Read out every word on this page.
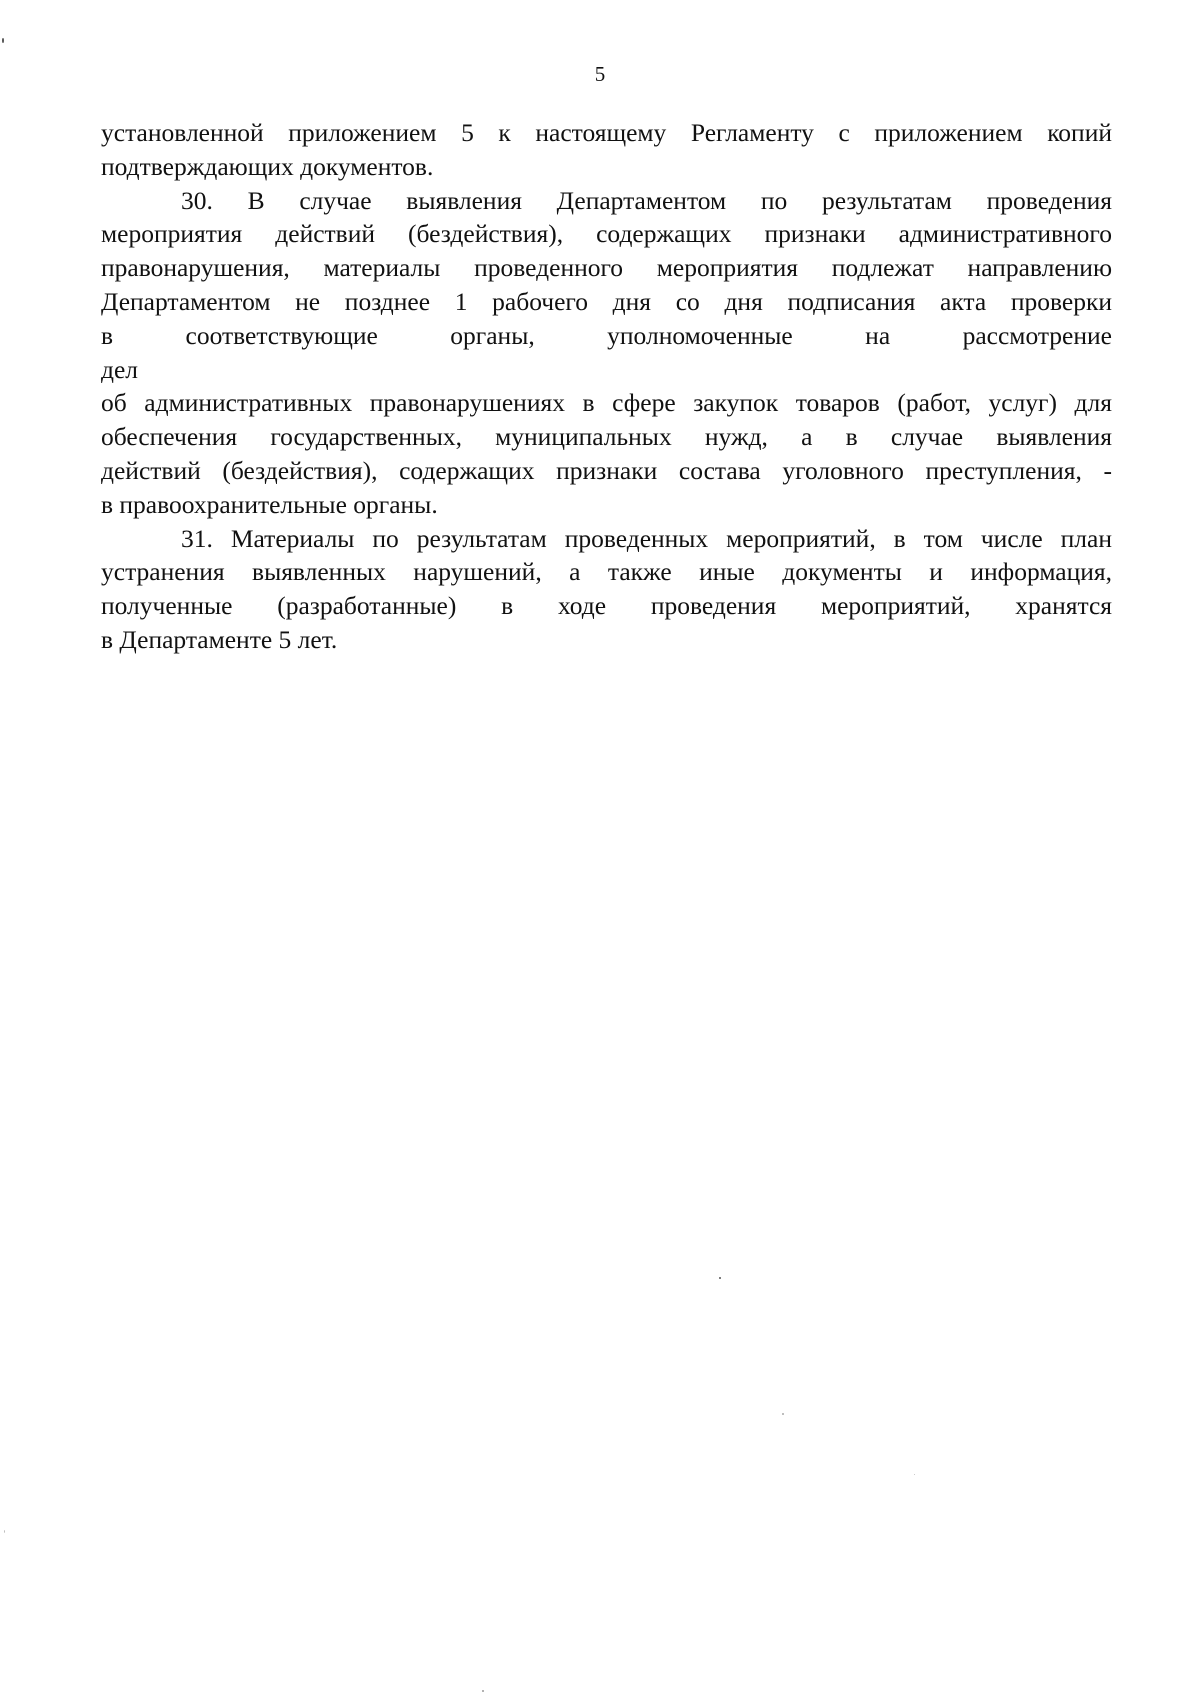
5

установленной приложением 5 к настоящему Регламенту с приложением копий
подтверждающих документов.

30. В случае выявления Департаментом по результатам проведения
мероприятия действий (бездействия), содержащих признаки административного
правонарушения, материалы проведенного мероприятия подлежат направлению
Департаментом не позднее 1 рабочего дня со дня подписания акта проверки
в соответствующие органы, уполномоченные на рассмотрение дел
об административных правонарушениях в сфере закупок товаров (работ, услуг) для
обеспечения государственных, муниципальных нужд, а в случае выявления
действий (бездействия), содержащих признаки состава уголовного преступления, -
в правоохранительные органы.

31. Материалы по результатам проведенных мероприятий, в том числе план
устранения выявленных нарушений, а также иные документы и информация,
полученные (разработанные) в ходе проведения мероприятий, хранятся
в Департаменте 5 лет.
